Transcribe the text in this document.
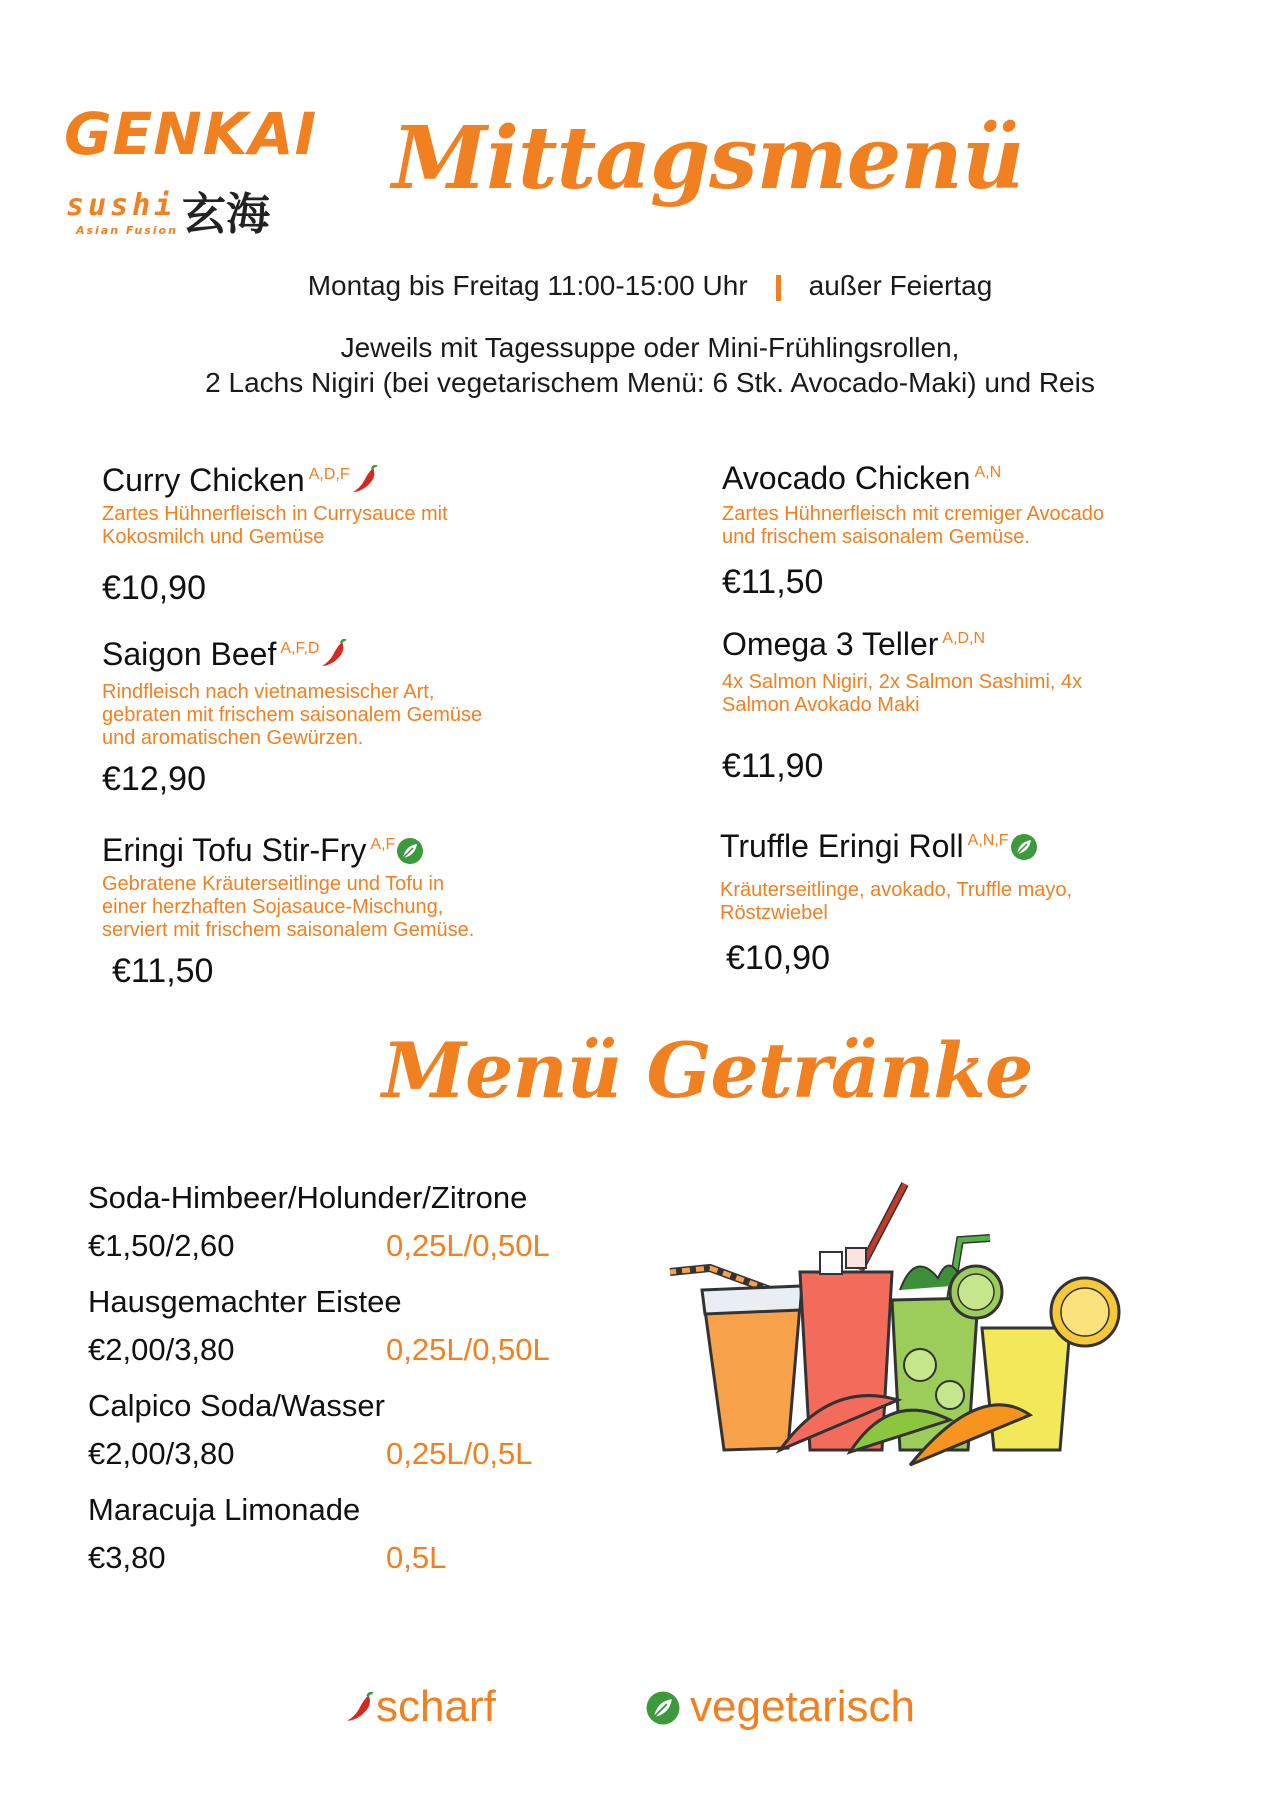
GENKAI
sushi 玄海
Asian Fusion
Mittagsmenü
Montag bis Freitag 11:00-15:00 Uhr außer Feiertag
Jeweils mit Tagessuppe oder Mini-Frühlingsrollen,
2 Lachs Nigiri (bei vegetarischem Menü: 6 Stk. Avocado-Maki) und Reis
Curry Chicken $^{A,D,F}$
Zartes Hühnerfleisch in Currysauce mit
Kokosmilch und Gemüse
€10,90
Avocado Chicken $^{A,N}$
Zartes Hühnerfleisch mit cremiger Avocado
und frischem saisonalem Gemüse.
€11,50
Saigon Beef $^{A,F,D}$
Rindfleisch nach vietnamesischer Art,
gebraten mit frischem saisonalem Gemüse
und aromatischen Gewürzen.
€12,90
Omega 3 Teller $^{A,D,N}$
4x Salmon Nigiri, 2x Salmon Sashimi, 4x
Salmon Avokado Maki
€11,90
Eringi Tofu Stir-Fry $^{A,F}$
Gebratene Kräuterseitlinge und Tofu in
einer herzhaften Sojasauce-Mischung,
serviert mit frischem saisonalem Gemüse.
€11,50
Truffle Eringi Roll $^{A,N,F}$
Kräuterseitlinge, avokado, Truffle mayo,
Röstzwiebel
€10,90
Menü Getränke
Soda-Himbeer/Holunder/Zitrone
€1,50/2,60	0,25L/0,50L
Hausgemachter Eistee
€2,00/3,80	0,25L/0,50L
Calpico Soda/Wasser
€2,00/3,80	0,25L/0,5L
Maracuja Limonade
€3,80	0,5L
scharf	vegetarisch
